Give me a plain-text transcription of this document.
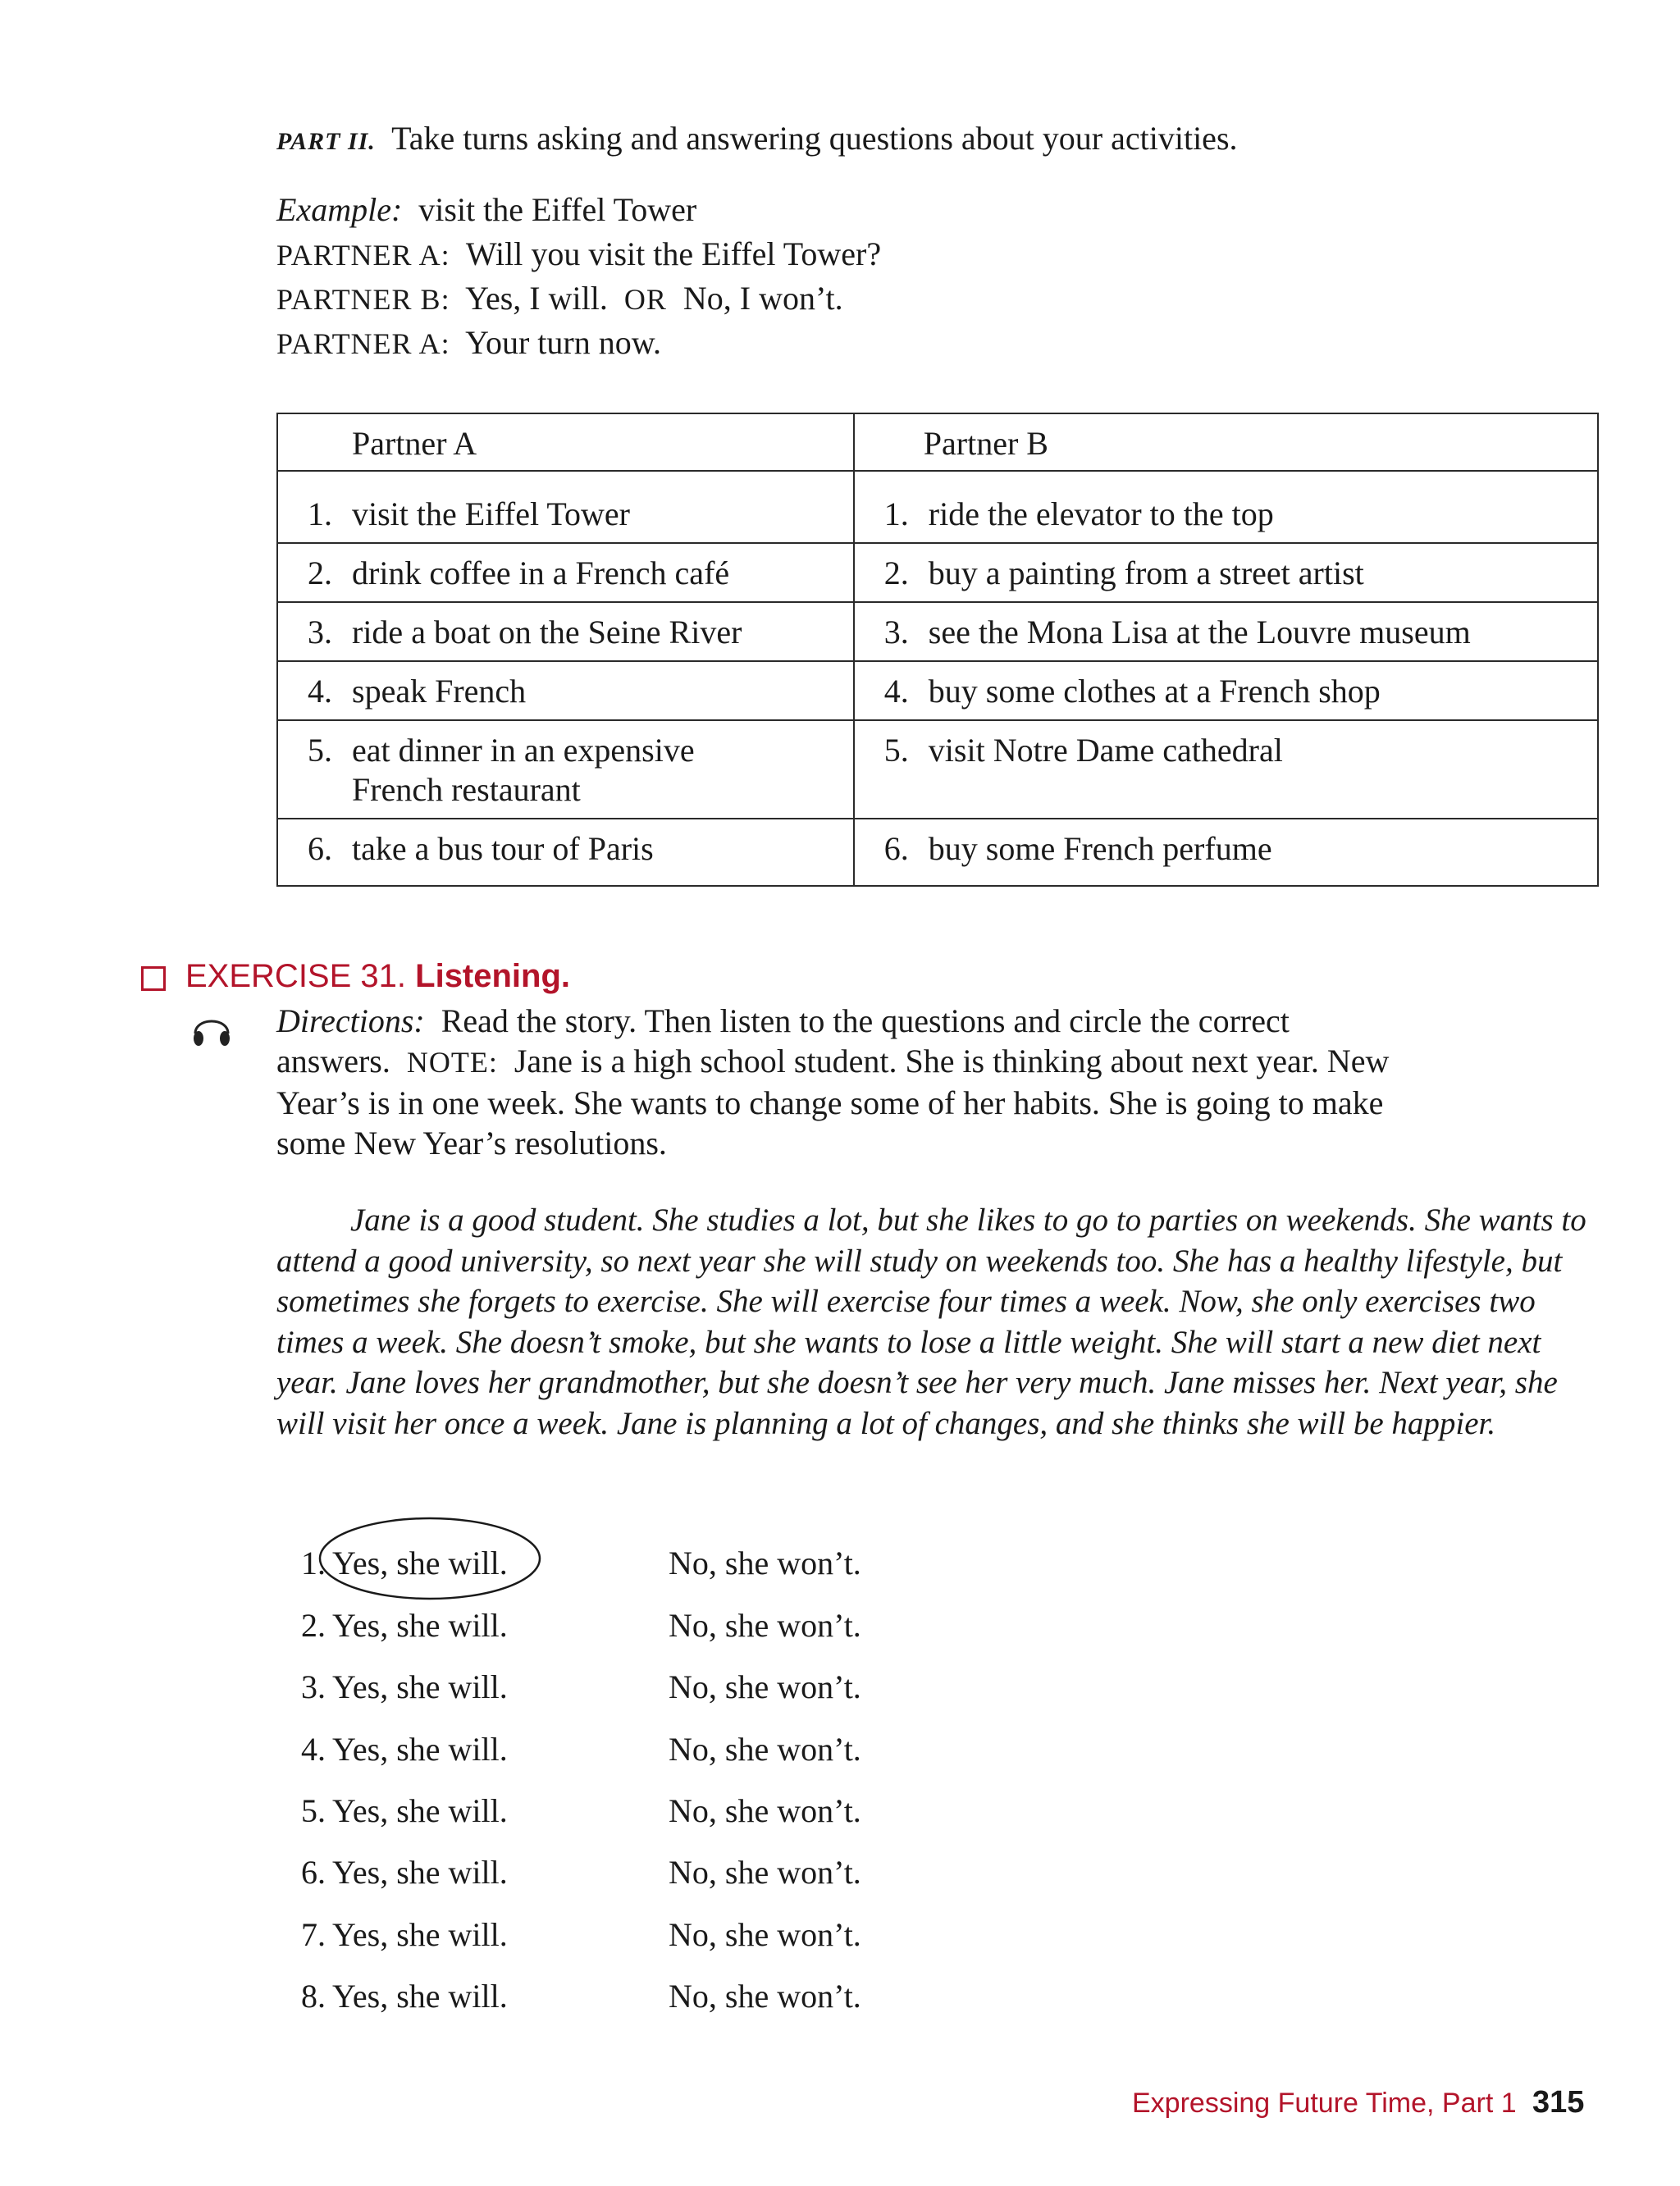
PART II. Take turns asking and answering questions about your activities.
Example: visit the Eiffel Tower
PARTNER A: Will you visit the Eiffel Tower?
PARTNER B: Yes, I will. OR No, I won’t.
PARTNER A: Your turn now.
Partner A	Partner B

1. visit the Eiffel Tower	1. ride the elevator to the top

2. drink coffee in a French café	2. buy a painting from a street artist

3. ride a boat on the Seine River	3. see the Mona Lisa at the Louvre museum

4. speak French	4. buy some clothes at a French shop

5. eat dinner in an expensive French restaurant	5. visit Notre Dame cathedral

6. take a bus tour of Paris	6. buy some French perfume
EXERCISE 31. Listening.
Directions: Read the story. Then listen to the questions and circle the correct
answers. NOTE: Jane is a high school student. She is thinking about next year. New
Year’s is in one week. She wants to change some of her habits. She is going to make
some New Year’s resolutions.
Jane is a good student. She studies a lot, but she likes to go to parties on weekends. She wants to attend a good university, so next year she will study on weekends too. She has a healthy lifestyle, but sometimes she forgets to exercise. She will exercise four times a week. Now, she only exercises two times a week. She doesn’t smoke, but she wants to lose a little weight. She will start a new diet next year. Jane loves her grandmother, but she doesn’t see her very much. Jane misses her. Next year, she will visit her once a week. Jane is planning a lot of changes, and she thinks she will be happier.
1. Yes, she will.	No, she won’t.
2. Yes, she will.	No, she won’t.
3. Yes, she will.	No, she won’t.
4. Yes, she will.	No, she won’t.
5. Yes, she will.	No, she won’t.
6. Yes, she will.	No, she won’t.
7. Yes, she will.	No, she won’t.
8. Yes, she will.	No, she won’t.
Expressing Future Time, Part 1 315
